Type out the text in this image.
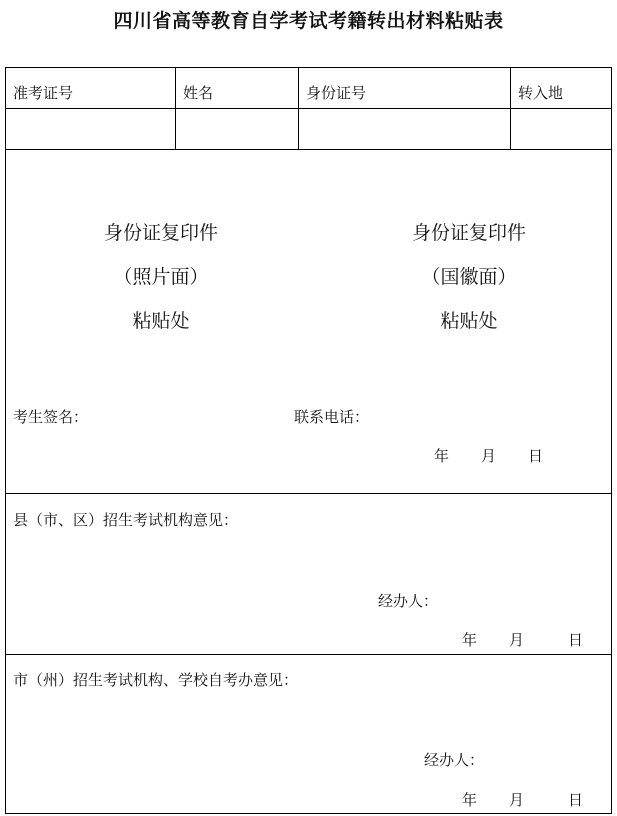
四川省高等教育自学考试考籍转出材料粘贴表
准考证号	姓名	身份证号	转入地
身份证复印件
（照片面）
粘贴处
身份证复印件
（国徽面）
粘贴处
考生签名：	联系电话：
年 月 日
县（市、区）招生考试机构意见：
经办人：
年 月	日
市（州）招生考试机构、学校自考办意见：
经办人：
年 月	日
